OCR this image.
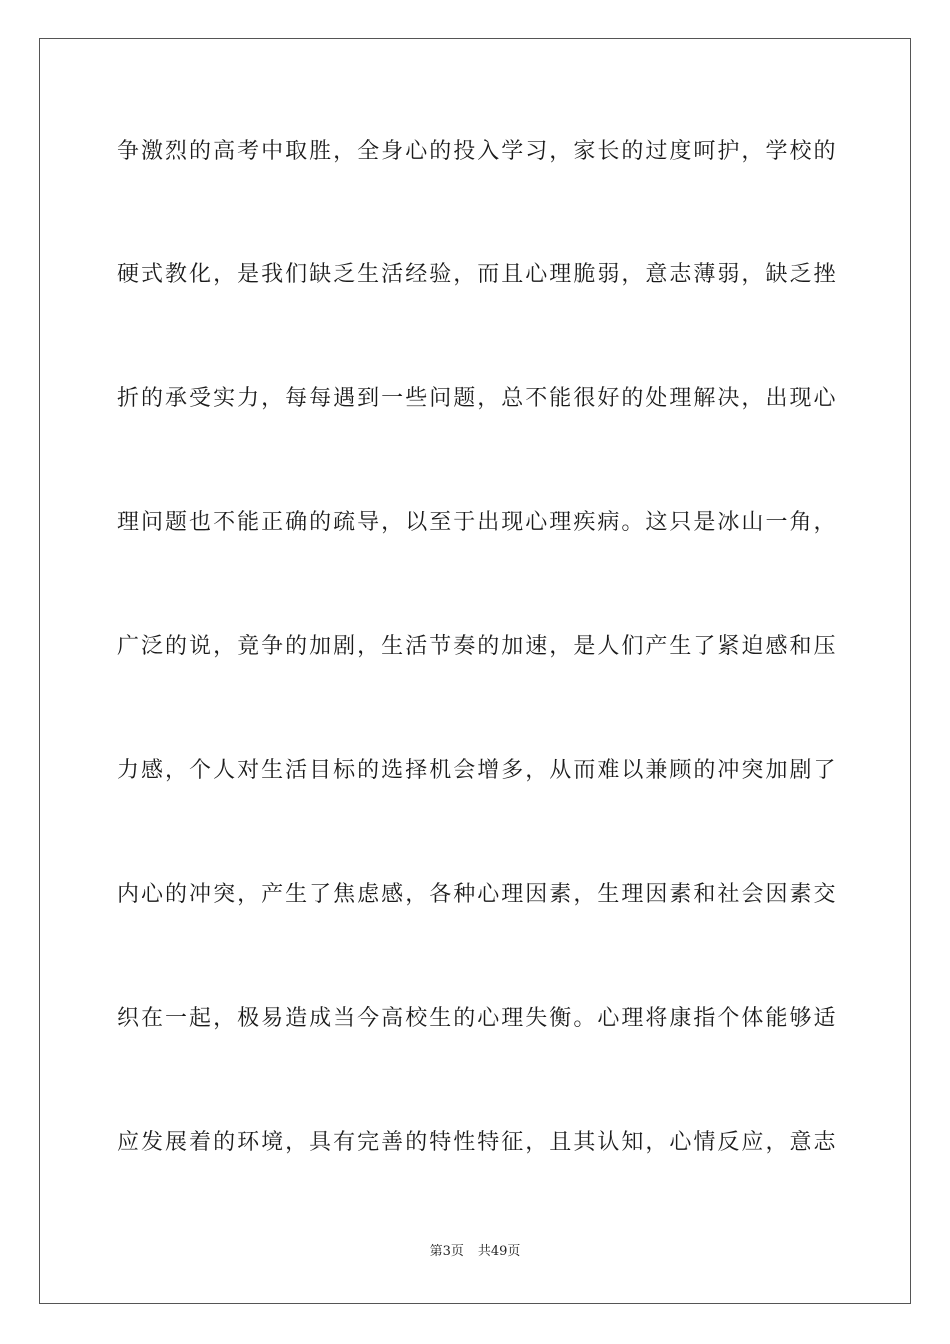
争激烈的高考中取胜，全身心的投入学习，家长的过度呵护，学校的
硬式教化，是我们缺乏生活经验，而且心理脆弱，意志薄弱，缺乏挫
折的承受实力，每每遇到一些问题，总不能很好的处理解决，出现心
理问题也不能正确的疏导，以至于出现心理疾病。这只是冰山一角，
广泛的说，竟争的加剧，生活节奏的加速，是人们产生了紧迫感和压
力感，个人对生活目标的选择机会增多，从而难以兼顾的冲突加剧了
内心的冲突，产生了焦虑感，各种心理因素，生理因素和社会因素交
织在一起，极易造成当今高校生的心理失衡。心理将康指个体能够适
应发展着的环境，具有完善的特性特征，且其认知，心情反应，意志
第3页 共49页
